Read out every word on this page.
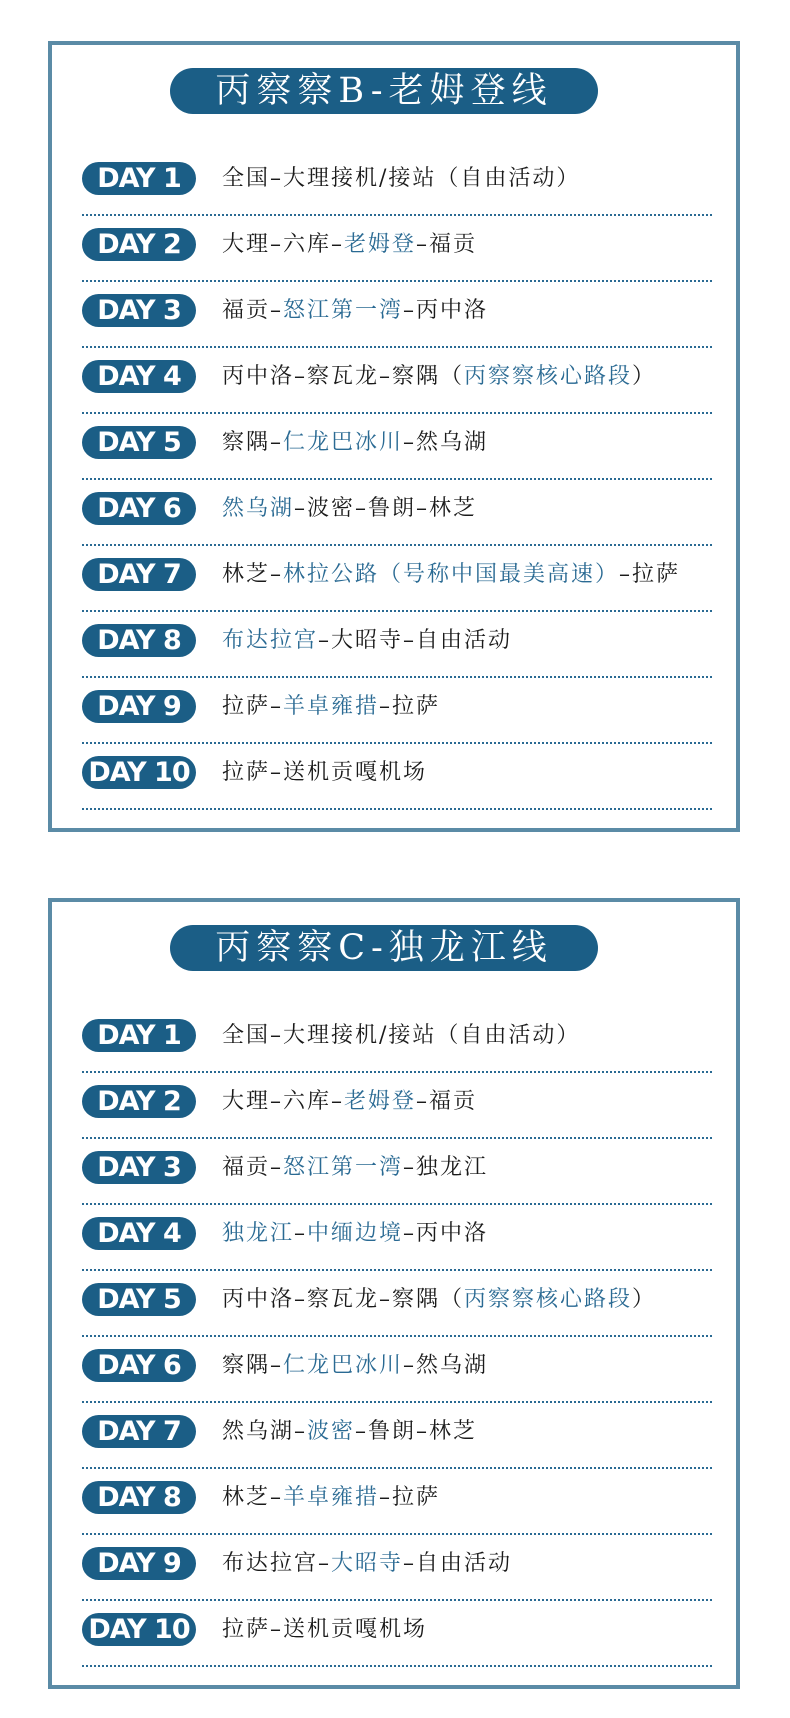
丙察察B-老姆登线
DAY 1	全国–大理接机/接站（自由活动）
DAY 2	大理–六库–老姆登–福贡
DAY 3	福贡–怒江第一湾–丙中洛
DAY 4	丙中洛–察瓦龙–察隅（丙察察核心路段）
DAY 5	察隅–仁龙巴冰川–然乌湖
DAY 6	然乌湖–波密–鲁朗–林芝
DAY 7	林芝–林拉公路（号称中国最美高速）–拉萨
DAY 8	布达拉宫–大昭寺–自由活动
DAY 9	拉萨–羊卓雍措–拉萨
DAY 10 拉萨–送机贡嘎机场
丙察察C-独龙江线
DAY 1	全国–大理接机/接站（自由活动）
DAY 2	大理–六库–老姆登–福贡
DAY 3	福贡–怒江第一湾–独龙江
DAY 4	独龙江–中缅边境–丙中洛
DAY 5	丙中洛–察瓦龙–察隅（丙察察核心路段）
DAY 6	察隅–仁龙巴冰川–然乌湖
DAY 7	然乌湖–波密–鲁朗–林芝
DAY 8	林芝–羊卓雍措–拉萨
DAY 9	布达拉宫–大昭寺–自由活动
DAY 10 拉萨–送机贡嘎机场
